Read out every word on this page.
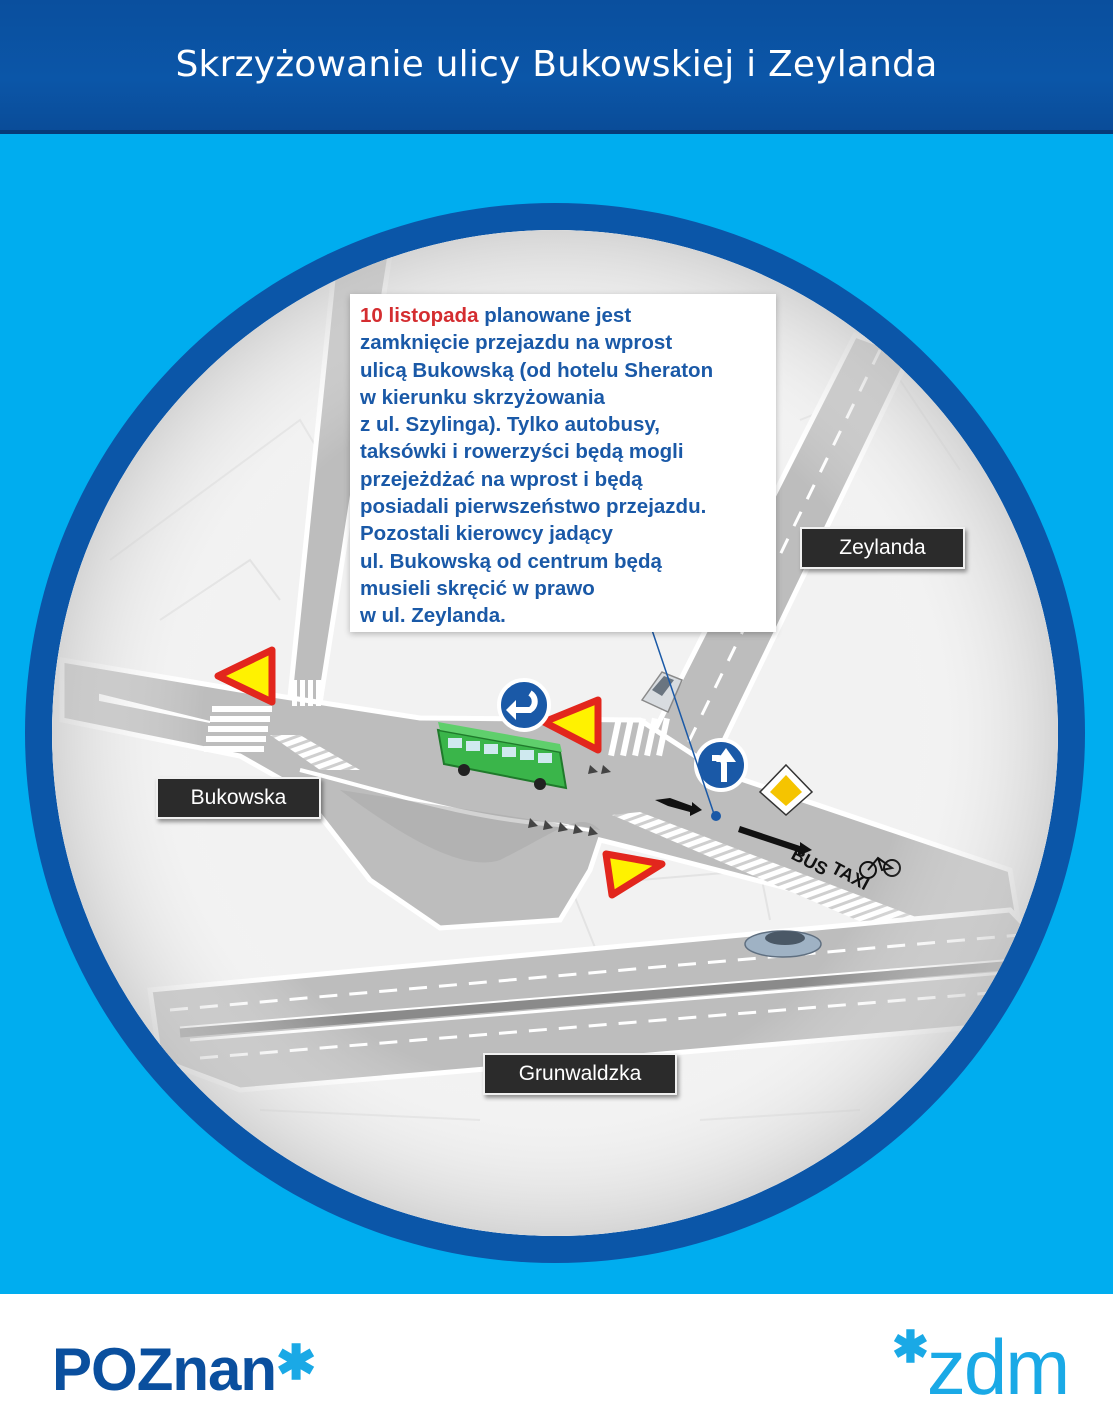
Skrzyżowanie ulicy Bukowskiej i Zeylanda
10 listopada planowane jest
zamknięcie przejazdu na wprost
ulicą Bukowską (od hotelu Sheraton
w kierunku skrzyżowania
z ul. Szylinga). Tylko autobusy,
taksówki i rowerzyści będą mogli
przejeżdżać na wprost i będą
posiadali pierwszeństwo przejazdu.
Pozostali kierowcy jadący
ul. Bukowską od centrum będą
musieli skręcić w prawo
w ul. Zeylanda.
Zeylanda
Bukowska
Grunwaldzka
POZnan✱	✱zdm
